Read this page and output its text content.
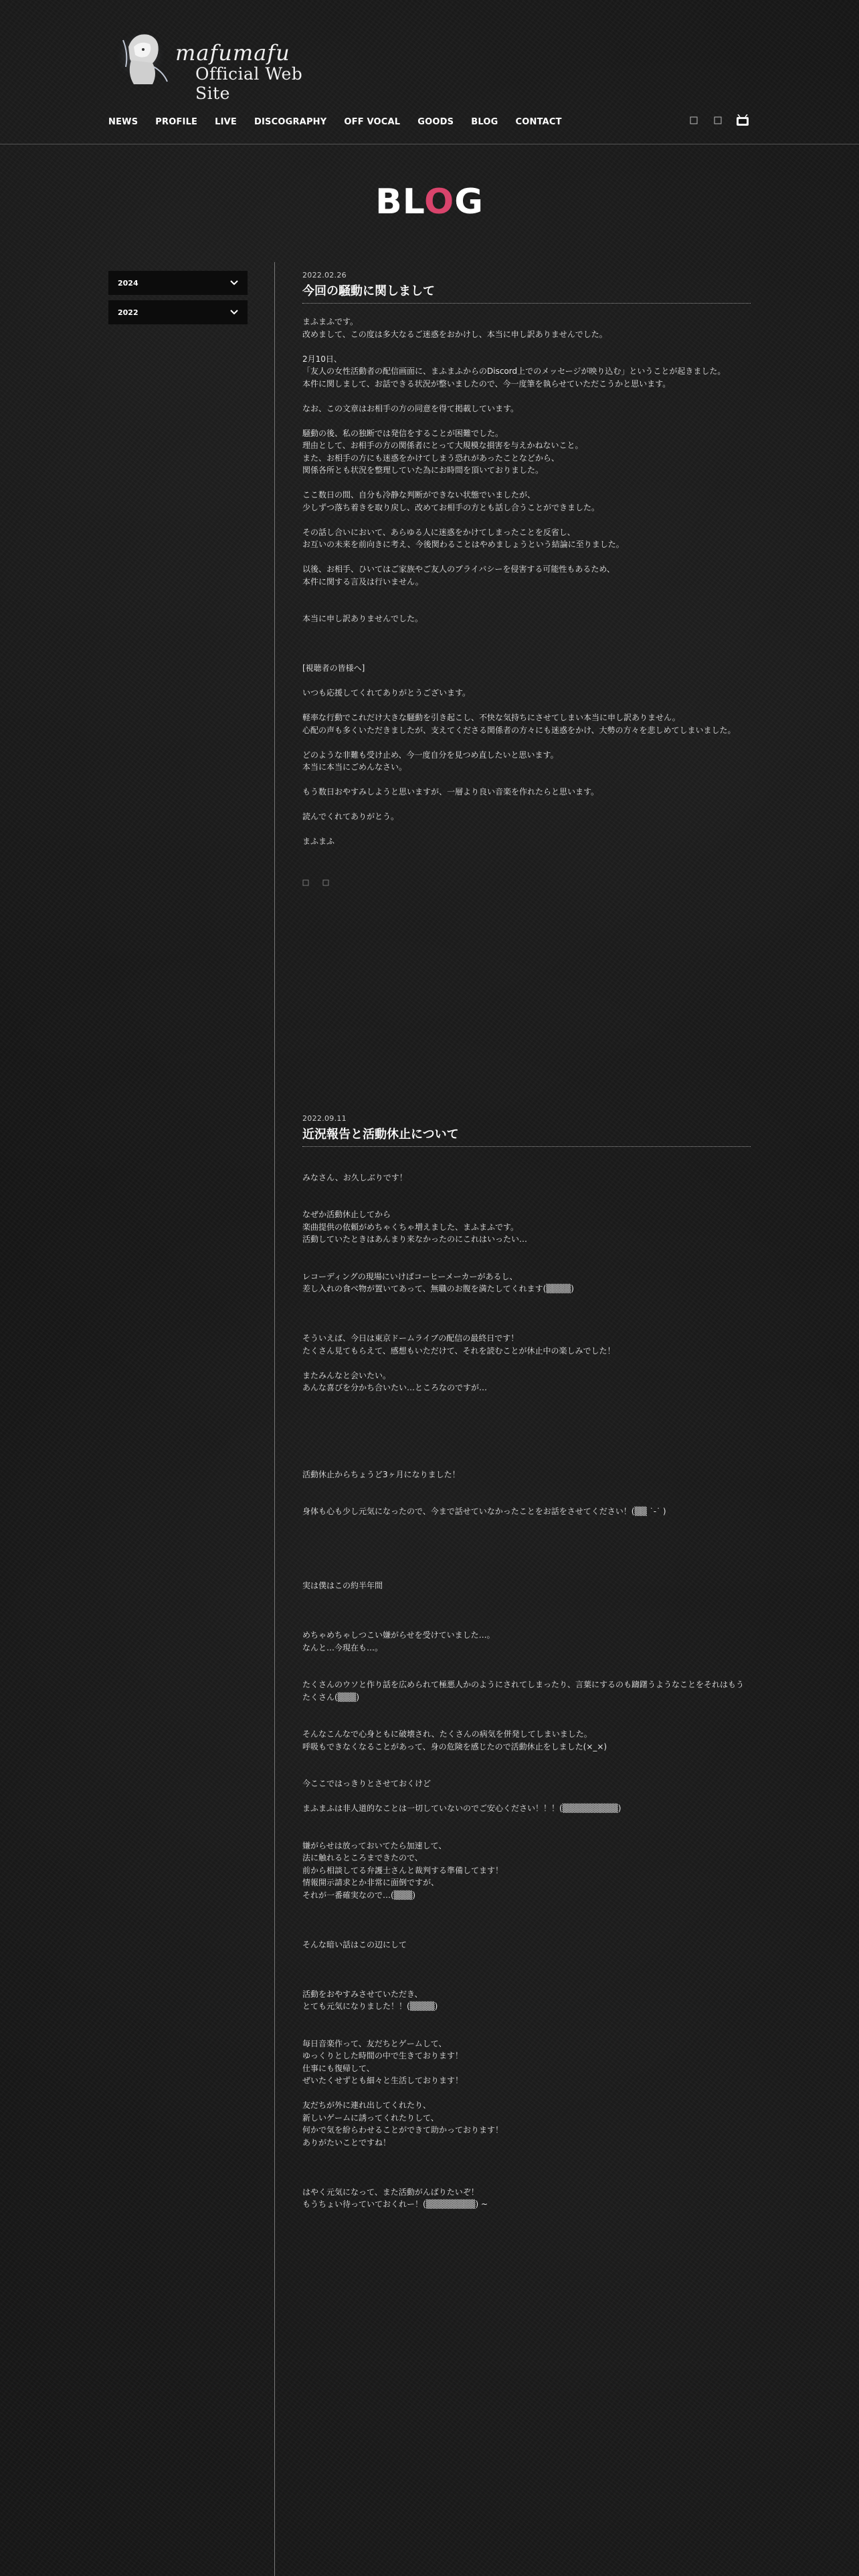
mafumafu
Official Web Site
NEWS PROFILE LIVE DISCOGRAPHY OFF VOCAL GOODS BLOG CONTACT
BLOG
2024
2022
2022.02.26
今回の騒動に関しまして

まふまふです。

改めまして、この度は多大なるご迷惑をおかけし、本当に申し訳ありませんでした。

2月10日、

「友人の女性活動者の配信画面に、まふまふからのDiscord上でのメッセージが映り込む」ということが起きました。

本件に関しまして、お話できる状況が整いましたので、今一度筆を執らせていただこうかと思います。

なお、この文章はお相手の方の同意を得て掲載しています。

騒動の後、私の独断では発信をすることが困難でした。

理由として、お相手の方の関係者にとって大規模な損害を与えかねないこと。

また、お相手の方にも迷惑をかけてしまう恐れがあったことなどから、

関係各所とも状況を整理していた為にお時間を頂いておりました。

ここ数日の間、自分も冷静な判断ができない状態でいましたが、

少しずつ落ち着きを取り戻し、改めてお相手の方とも話し合うことができました。

その話し合いにおいて、あらゆる人に迷惑をかけてしまったことを反省し、

お互いの未来を前向きに考え、今後関わることはやめましょうという結論に至りました。

以後、お相手、ひいてはご家族やご友人のプライバシーを侵害する可能性もあるため、

本件に関する言及は行いません。

本当に申し訳ありませんでした。

[視聴者の皆様へ]

いつも応援してくれてありがとうございます。

軽率な行動でこれだけ大きな騒動を引き起こし、不快な気持ちにさせてしまい本当に申し訳ありません。

心配の声も多くいただきましたが、支えてくださる関係者の方々にも迷惑をかけ、大勢の方々を悲しめてしまいました。

どのような非難も受け止め、今一度自分を見つめ直したいと思います。

本当に本当にごめんなさい。

もう数日おやすみしようと思いますが、一層より良い音楽を作れたらと思います。

読んでくれてありがとう。

まふまふ

2022.09.11
近況報告と活動休止について

みなさん、お久しぶりです！

なぜか活動休止してから

楽曲提供の依頼がめちゃくちゃ増えました、まふまふです。

活動していたときはあんまり来なかったのにこれはいったい…

レコーディングの現場にいけばコーヒーメーカーがあるし、

差し入れの食べ物が置いてあって、無職のお腹を満たしてくれます(▒▒▒▒)

そういえば、今日は東京ドームライブの配信の最終日です！

たくさん見てもらえて、感想もいただけて、それを読むことが休止中の楽しみでした！

またみんなと会いたい。

あんな喜びを分かち合いたい…ところなのですが…

活動休止からちょうど3ヶ月になりました！

身体も心も少し元気になったので、今まで話せていなかったことをお話をさせてください！(▒▒ ˙-˙ )

実は僕はこの約半年間

めちゃめちゃしつこい嫌がらせを受けていました…。

なんと…今現在も…。

たくさんのウソと作り話を広められて極悪人かのようにされてしまったり、言葉にするのも躊躇うようなことをそれはもうたくさん(▒▒▒)

そんなこんなで心身ともに破壊され、たくさんの病気を併発してしまいました。

呼吸もできなくなることがあって、身の危険を感じたので活動休止をしました(×_×)

今ここではっきりとさせておくけど

まふまふは非人道的なことは一切していないのでご安心ください！！！(▒▒▒▒▒▒▒▒▒)

嫌がらせは放っておいてたら加速して、

法に触れるところまできたので、

前から相談してる弁護士さんと裁判する準備してます！

情報開示請求とか非常に面倒ですが、

それが一番確実なので…(▒▒▒)

そんな暗い話はこの辺にして

活動をおやすみさせていただき、

とても元気になりました！！(▒▒▒▒)

毎日音楽作って、友だちとゲームして、

ゆっくりとした時間の中で生きております！

仕事にも復帰して、

ぜいたくせずとも細々と生活しております！

友だちが外に連れ出してくれたり、

新しいゲームに誘ってくれたりして、

何かで気を紛らわせることができて助かっております！

ありがたいことですね！

はやく元気になって、また活動がんばりたいぞ！

もうちょい待っていておくれー！(▒▒▒▒▒▒▒▒) ~
